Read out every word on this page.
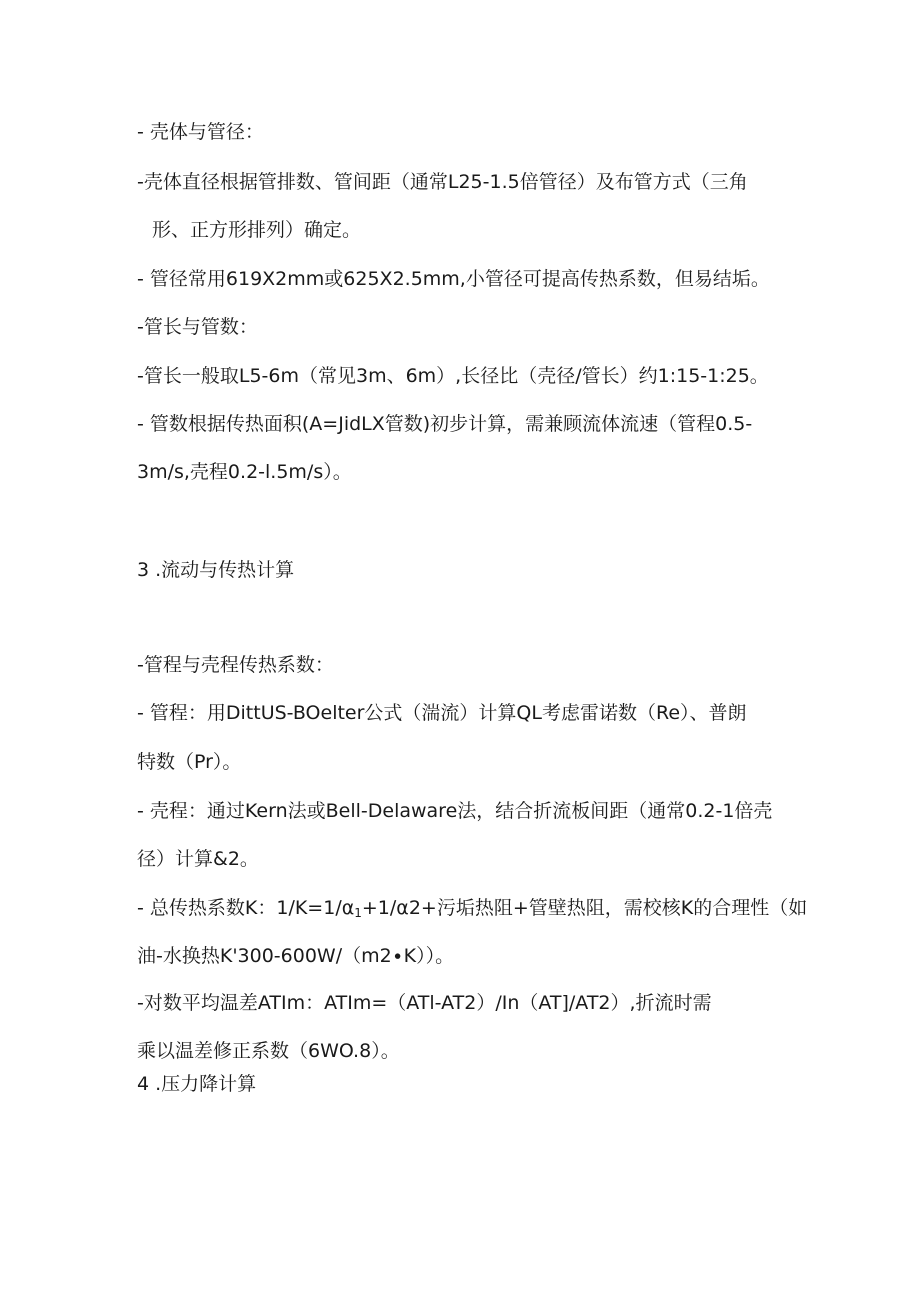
- 壳体与管径：
-壳体直径根据管排数、管间距（通常L25-1.5倍管径）及布管方式（三角
形、正方形排列）确定。
- 管径常用619X2mm或625X2.5mm,小管径可提高传热系数，但易结垢。
-管长与管数：
-管长一般取L5-6m（常见3m、6m）,长径比（壳径/管长）约1:15-1:25。
- 管数根据传热面积(A=JidLX管数)初步计算，需兼顾流体流速（管程0.5-
3m∕s,壳程0.2-l.5m/s）。
3 .流动与传热计算
-管程与壳程传热系数：
- 管程：用DittUS-BOelter公式（湍流）计算QL考虑雷诺数（Re）、普朗
特数（Pr）。
- 壳程：通过Kern法或Bell-Delaware法，结合折流板间距（通常0.2-1倍壳
径）计算&2。
- 总传热系数K：$1∕K=1∕\alpha_1+1∕\alpha 2+$污垢热阻+管壁热阻，需校核K的合理性（如
油-水换热K'300-600W∕（m2∙K））。
-对数平均温差ATIm：ATIm=（ATl-AT2）/In（AT]/AT2）,折流时需
乘以温差修正系数（6WO.8）。
4 .压力降计算
